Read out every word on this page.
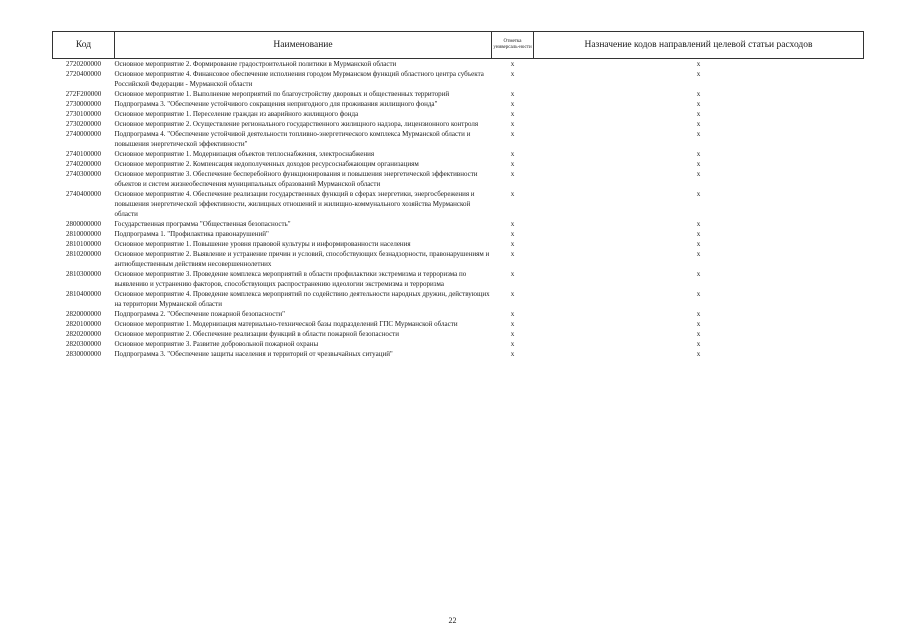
Код	Наименование	Отметка универсаль-ности	Назначение кодов направлений целевой статьи расходов
2720200000	Основное мероприятие 2. Формирование градостроительной политики в Мурманской области	x	x
2720400000	Основное мероприятие 4. Финансовое обеспечение исполнения городом Мурманском функций областного центра субъекта Российской Федерации - Мурманской области	x	x
272F200000	Основное мероприятие 1. Выполнение мероприятий по благоустройству дворовых и общественных территорий	x	x
2730000000	Подпрограмма 3. "Обеспечение устойчивого сокращения непригодного для проживания жилищного фонда"	x	x
2730100000	Основное мероприятие 1. Переселение граждан из аварийного жилищного фонда	x	x
2730200000	Основное мероприятие 2. Осуществление регионального государственного жилищного надзора, лицензионного контроля	x	x
2740000000	Подпрограмма 4. "Обеспечение устойчивой деятельности топливно-энергетического комплекса Мурманской области и повышения энергетической эффективности"	x	x
2740100000	Основное мероприятие 1. Модернизация объектов теплоснабжения, электроснабжения	x	x
2740200000	Основное мероприятие 2. Компенсация недополученных доходов ресурсоснабжающим организациям	x	x
2740300000	Основное мероприятие 3. Обеспечение бесперебойного функционирования и повышения энергетической эффективности объектов и систем жизнеобеспечения муниципальных образований Мурманской области	x	x
2740400000	Основное мероприятие 4. Обеспечение реализации государственных функций в сферах энергетики, энергосбережения и повышения энергетической эффективности, жилищных отношений и жилищно-коммунального хозяйства Мурманской области	x	x
2800000000	Государственная программа "Общественная безопасность"	x	x
2810000000	Подпрограмма 1. "Профилактика правонарушений"	x	x
2810100000	Основное мероприятие 1. Повышение уровня правовой культуры и информированности населения	x	x
2810200000	Основное мероприятие 2. Выявление и устранение причин и условий, способствующих безнадзорности, правонарушениям и антиобщественным действиям несовершеннолетних	x	x
2810300000	Основное мероприятие 3. Проведение комплекса мероприятий в области профилактики экстремизма и терроризма по выявлению и устранению факторов, способствующих распространению идеологии экстремизма и терроризма	x	x
2810400000	Основное мероприятие 4. Проведение комплекса мероприятий по содействию деятельности народных дружин, действующих на территории Мурманской области	x	x
2820000000	Подпрограмма 2. "Обеспечение пожарной безопасности"	x	x
2820100000	Основное мероприятие 1. Модернизация материально-технической базы подразделений ГПС Мурманской области	x	x
2820200000	Основное мероприятие 2. Обеспечение реализации функций в области пожарной безопасности	x	x
2820300000	Основное мероприятие 3. Развитие добровольной пожарной охраны	x	x
2830000000	Подпрограмма 3. "Обеспечение защиты населения и территорий от чрезвычайных ситуаций"	x	x
22
